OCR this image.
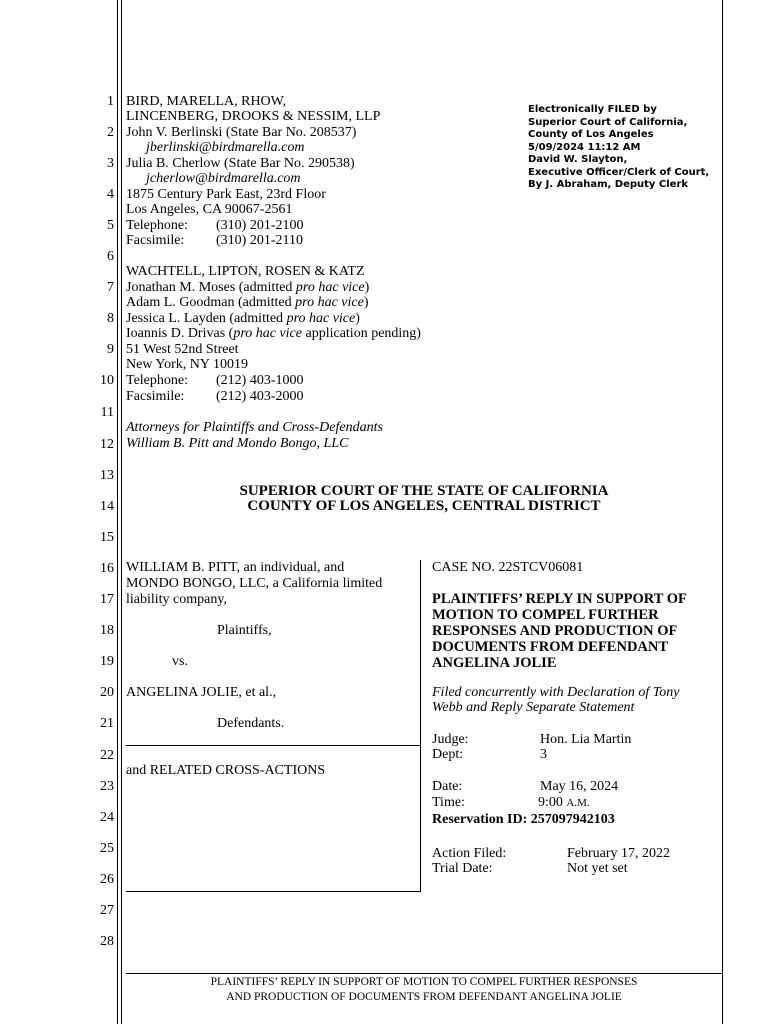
1
2
3
4
5
6
7
8
9
10
11
12
13
14
15
16
17
18
19
20
21
22
23
24
25
26
27
28
BIRD, MARELLA, RHOW,
LINCENBERG, DROOKS & NESSIM, LLP
John V. Berlinski (State Bar No. 208537)
jberlinski@birdmarella.com
Julia B. Cherlow (State Bar No. 290538)
jcherlow@birdmarella.com
1875 Century Park East, 23rd Floor
Los Angeles, CA 90067-2561
Telephone: (310) 201-2100
Facsimile: (310) 201-2110
WACHTELL, LIPTON, ROSEN & KATZ
Jonathan M. Moses (admitted pro hac vice)
Adam L. Goodman (admitted pro hac vice)
Jessica L. Layden (admitted pro hac vice)
Ioannis D. Drivas (pro hac vice application pending)
51 West 52nd Street
New York, NY 10019
Telephone: (212) 403-1000
Facsimile: (212) 403-2000
Attorneys for Plaintiffs and Cross-Defendants
William B. Pitt and Mondo Bongo, LLC
Electronically FILED by
Superior Court of California,
County of Los Angeles
5/09/2024 11:12 AM
David W. Slayton,
Executive Officer/Clerk of Court,
By J. Abraham, Deputy Clerk
SUPERIOR COURT OF THE STATE OF CALIFORNIA
COUNTY OF LOS ANGELES, CENTRAL DISTRICT
WILLIAM B. PITT, an individual, and
MONDO BONGO, LLC, a California limited
liability company,
Plaintiffs,
vs.
ANGELINA JOLIE, et al.,
Defendants.
and RELATED CROSS-ACTIONS
CASE NO. 22STCV06081
PLAINTIFFS’ REPLY IN SUPPORT OF
MOTION TO COMPEL FURTHER
RESPONSES AND PRODUCTION OF
DOCUMENTS FROM DEFENDANT
ANGELINA JOLIE
Filed concurrently with Declaration of Tony
Webb and Reply Separate Statement
Judge:	Hon. Lia Martin
Dept:	3
Date:	May 16, 2024
Time:	9:00 A.M.
Reservation ID: 257097942103
Action Filed:	February 17, 2022
Trial Date:	Not yet set
PLAINTIFFS’ REPLY IN SUPPORT OF MOTION TO COMPEL FURTHER RESPONSES
AND PRODUCTION OF DOCUMENTS FROM DEFENDANT ANGELINA JOLIE
